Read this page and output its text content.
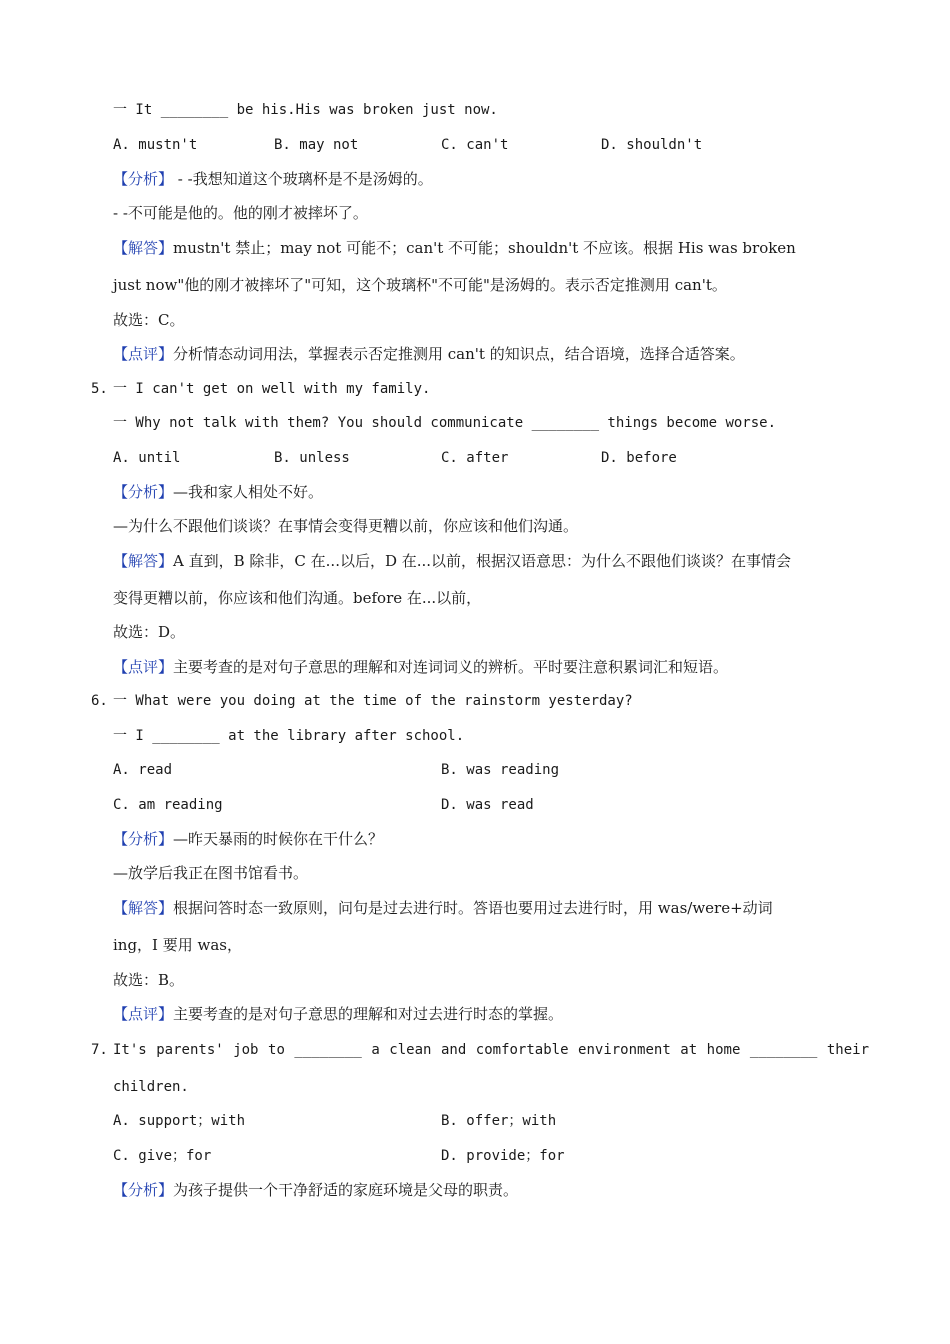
一 It ________ be his.His was broken just now.
A. mustn't	B. may not	C. can't	D. shouldn't
【分析】 - -我想知道这个玻璃杯是不是汤姆的。
- -不可能是他的。他的刚才被摔坏了。
【解答】mustn't 禁止；may not 可能不；can't 不可能；shouldn't 不应该。根据 His was broken
just now"他的刚才被摔坏了"可知，这个玻璃杯"不可能"是汤姆的。表示否定推测用 can't。
故选：C。
【点评】分析情态动词用法，掌握表示否定推测用 can't 的知识点，结合语境，选择合适答案。
5. 一 I can't get on well with my family.
一 Why not talk with them? You should communicate ________ things become worse.
A. until	B. unless	C. after	D. before
【分析】—我和家人相处不好。
—为什么不跟他们谈谈？在事情会变得更糟以前，你应该和他们沟通。
【解答】A 直到，B 除非，C 在...以后，D 在...以前，根据汉语意思：为什么不跟他们谈谈？在事情会
变得更糟以前，你应该和他们沟通。before 在...以前，
故选：D。
【点评】主要考查的是对句子意思的理解和对连词词义的辨析。平时要注意积累词汇和短语。
6. 一 What were you doing at the time of the rainstorm yesterday?
一 I ________ at the library after school.
A. read	B. was reading
C. am reading	D. was read
【分析】—昨天暴雨的时候你在干什么？
—放学后我正在图书馆看书。
【解答】根据问答时态一致原则，问句是过去进行时。答语也要用过去进行时，用 was/were+动词
ing，I 要用 was，
故选：B。
【点评】主要考查的是对句子意思的理解和对过去进行时态的掌握。
7. It's parents' job to ________ a clean and comfortable environment at home ________ their
children.
A. support；with	B. offer；with
C. give；for	D. provide；for
【分析】为孩子提供一个干净舒适的家庭环境是父母的职责。
